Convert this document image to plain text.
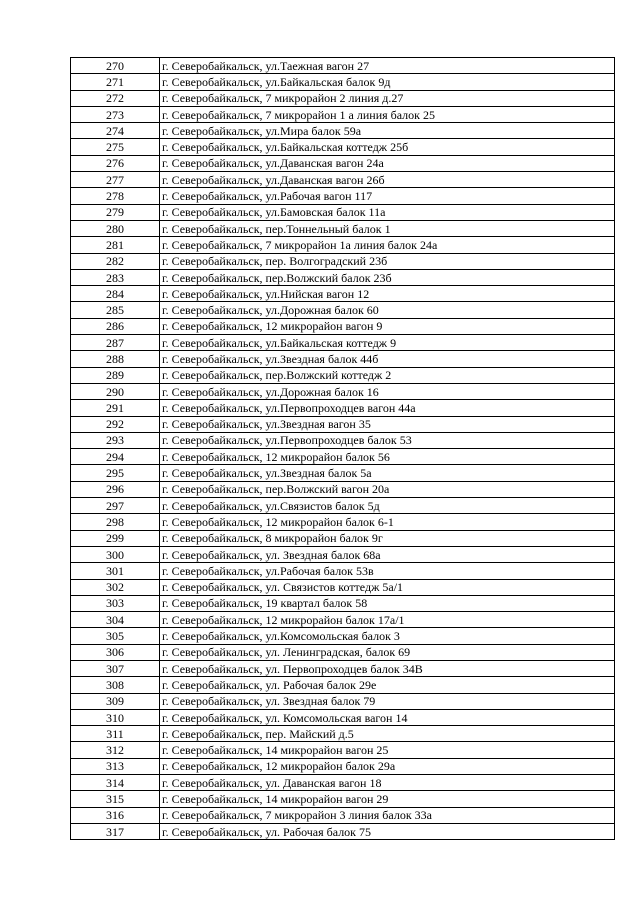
270	г. Северобайкальск, ул.Таежная вагон 27
271	г. Северобайкальск, ул.Байкальская балок 9д
272	г. Северобайкальск, 7 микрорайон 2 линия д.27
273	г. Северобайкальск, 7 микрорайон 1 а линия балок 25
274	г. Северобайкальск, ул.Мира балок 59а
275	г. Северобайкальск, ул.Байкальская коттедж 25б
276	г. Северобайкальск, ул.Даванская вагон 24а
277	г. Северобайкальск, ул.Даванская вагон 26б
278	г. Северобайкальск, ул.Рабочая вагон 117
279	г. Северобайкальск, ул.Бамовская балок 11а
280	г. Северобайкальск, пер.Тоннельный балок 1
281	г. Северобайкальск, 7 микрорайон 1а линия балок 24а
282	г. Северобайкальск, пер. Волгоградский 23б
283	г. Северобайкальск, пер.Волжский балок 23б
284	г. Северобайкальск, ул.Нийская вагон 12
285	г. Северобайкальск, ул.Дорожная балок 60
286	г. Северобайкальск, 12 микрорайон вагон 9
287	г. Северобайкальск, ул.Байкальская коттедж 9
288	г. Северобайкальск, ул.Звездная балок 44б
289	г. Северобайкальск, пер.Волжский коттедж 2
290	г. Северобайкальск, ул.Дорожная балок 16
291	г. Северобайкальск, ул.Первопроходцев вагон 44а
292	г. Северобайкальск, ул.Звездная вагон 35
293	г. Северобайкальск, ул.Первопроходцев балок 53
294	г. Северобайкальск, 12 микрорайон балок 56
295	г. Северобайкальск, ул.Звездная балок 5а
296	г. Северобайкальск, пер.Волжский вагон 20а
297	г. Северобайкальск, ул.Связистов балок 5д
298	г. Северобайкальск, 12 микрорайон балок 6-1
299	г. Северобайкальск, 8 микрорайон балок 9г
300	г. Северобайкальск, ул. Звездная балок 68а
301	г. Северобайкальск, ул.Рабочая балок 53в
302	г. Северобайкальск, ул. Связистов коттедж 5а/1
303	г. Северобайкальск, 19 квартал балок 58
304	г. Северобайкальск, 12 микрорайон балок 17а/1
305	г. Северобайкальск, ул.Комсомольская балок 3
306	г. Северобайкальск, ул. Ленинградская, балок 69
307	г. Северобайкальск, ул. Первопроходцев балок 34В
308	г. Северобайкальск, ул. Рабочая балок 29е
309	г. Северобайкальск, ул. Звездная балок 79
310	г. Северобайкальск, ул. Комсомольская вагон 14
311	г. Северобайкальск, пер. Майский д.5
312	г. Северобайкальск, 14 микрорайон вагон 25
313	г. Северобайкальск, 12 микрорайон балок 29а
314	г. Северобайкальск, ул. Даванская вагон 18
315	г. Северобайкальск, 14 микрорайон вагон 29
316	г. Северобайкальск, 7 микрорайон 3 линия балок 33а
317	г. Северобайкальск, ул. Рабочая балок 75
